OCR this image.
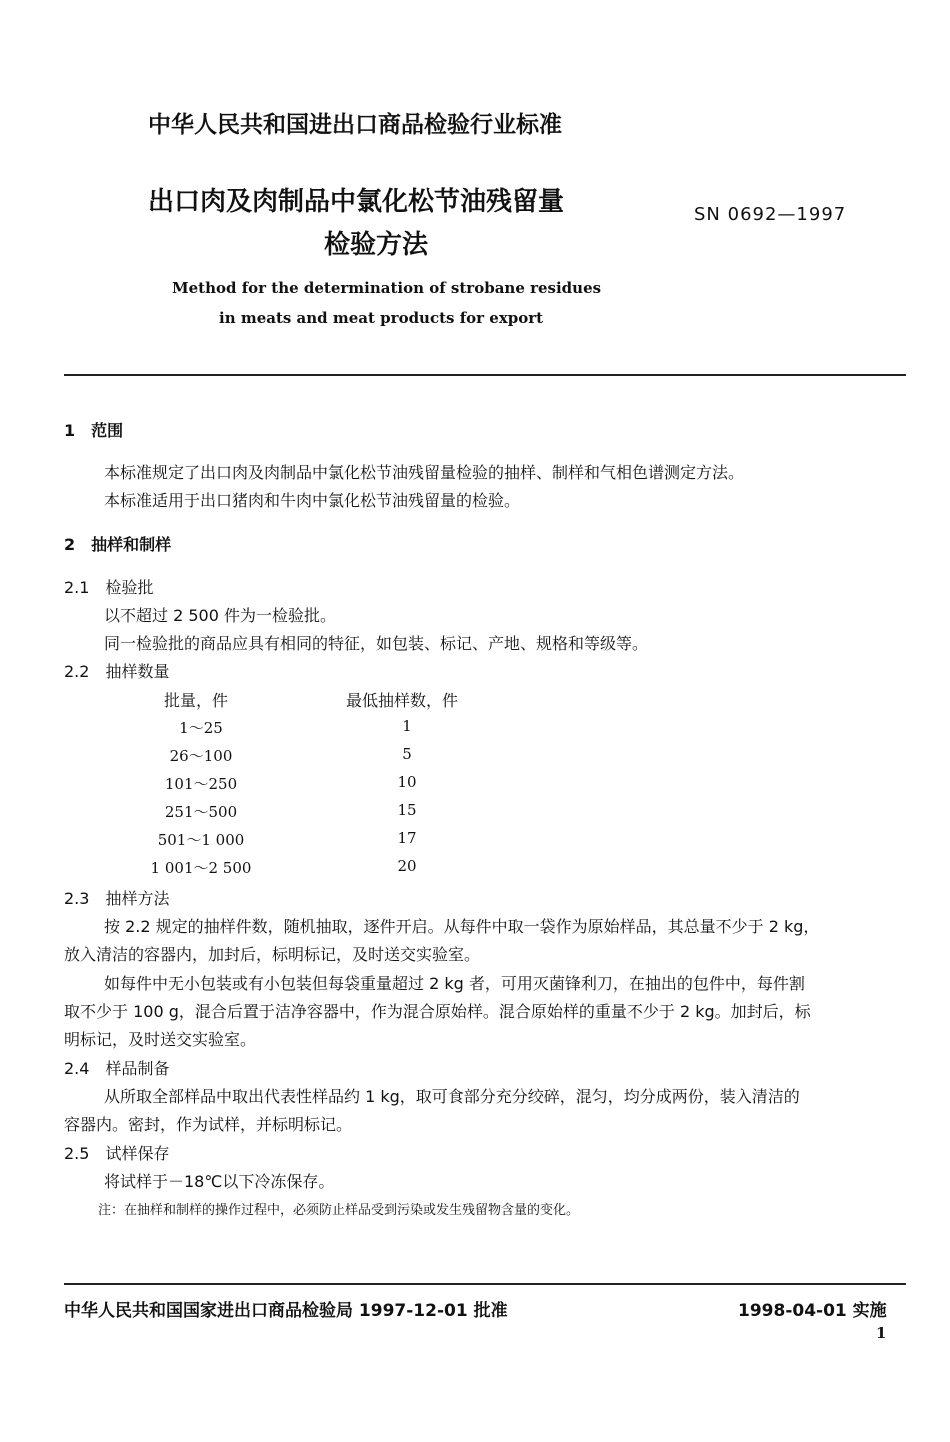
中华人民共和国进出口商品检验行业标准
出口肉及肉制品中氯化松节油残留量
检验方法
SN 0692—1997
Method for the determination of strobane residues
in meats and meat products for export
1　范围
本标准规定了出口肉及肉制品中氯化松节油残留量检验的抽样、制样和气相色谱测定方法。
本标准适用于出口猪肉和牛肉中氯化松节油残留量的检验。
2　抽样和制样
2.1　检验批
以不超过 2 500 件为一检验批。
同一检验批的商品应具有相同的特征，如包装、标记、产地、规格和等级等。
2.2　抽样数量
批量，件	最低抽样数，件
1～25	1
26～100	5
101～250	10
251～500	15
501～1 000	17
1 001～2 500	20
2.3　抽样方法
按 2.2 规定的抽样件数，随机抽取，逐件开启。从每件中取一袋作为原始样品，其总量不少于 2 kg，
放入清洁的容器内，加封后，标明标记，及时送交实验室。
如每件中无小包装或有小包装但每袋重量超过 2 kg 者，可用灭菌锋利刀，在抽出的包件中，每件割
取不少于 100 g，混合后置于洁净容器中，作为混合原始样。混合原始样的重量不少于 2 kg。加封后，标
明标记，及时送交实验室。
2.4　样品制备
从所取全部样品中取出代表性样品约 1 kg，取可食部分充分绞碎，混匀，均分成两份，装入清洁的
容器内。密封，作为试样，并标明标记。
2.5　试样保存
将试样于－18℃以下冷冻保存。
注：在抽样和制样的操作过程中，必须防止样品受到污染或发生残留物含量的变化。
中华人民共和国国家进出口商品检验局 1997-12-01 批准	1998-04-01 实施
1
